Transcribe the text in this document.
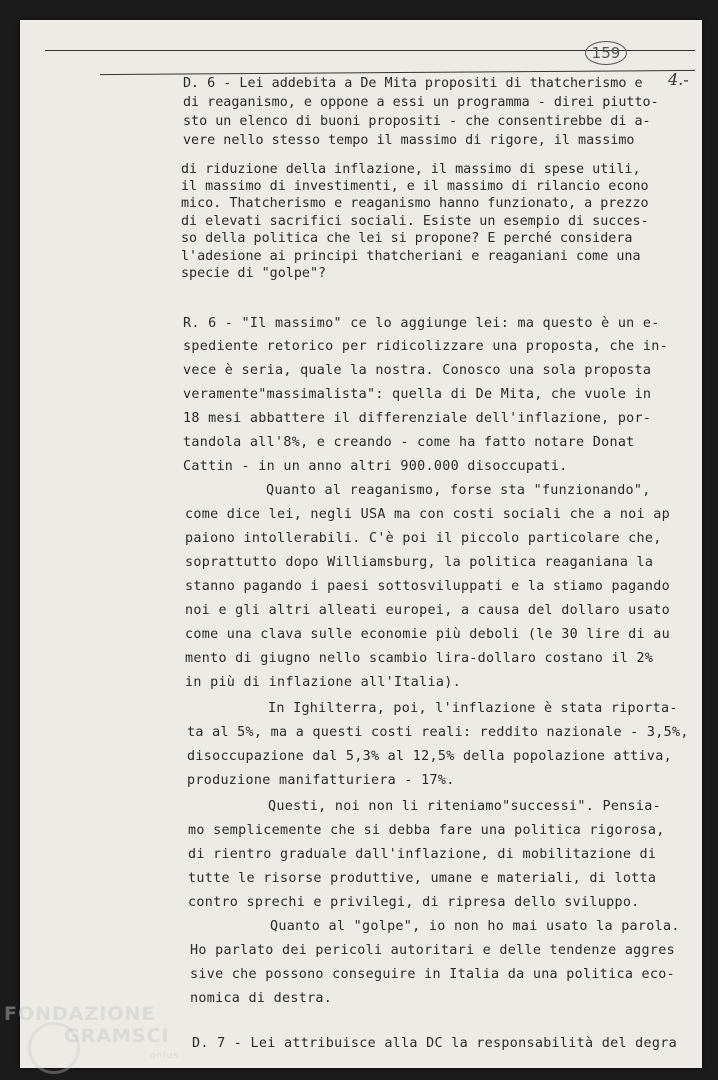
159
4.-
D. 6 - Lei addebita a De Mita propositi di thatcherismo e
di reaganismo, e oppone a essi un programma - direi piutto-
sto un elenco di buoni propositi - che consentirebbe di a-
vere nello stesso tempo il massimo di rigore, il massimo
di riduzione della inflazione, il massimo di spese utili,
il massimo di investimenti, e il massimo di rilancio econo
mico. Thatcherismo e reaganismo hanno funzionato, a prezzo
di elevati sacrifici sociali. Esiste un esempio di succes-
so della politica che lei si propone? E perché considera
l'adesione ai principi thatcheriani e reaganiani come una
specie di "golpe"?
R. 6 - "Il massimo" ce lo aggiunge lei: ma questo è un e-
spediente retorico per ridicolizzare una proposta, che in-
vece è seria, quale la nostra. Conosco una sola proposta
veramente"massimalista": quella di De Mita, che vuole in
18 mesi abbattere il differenziale dell'inflazione, por-
tandola all'8%, e creando - come ha fatto notare Donat
Cattin - in un anno altri 900.000 disoccupati.
Quanto al reaganismo, forse sta "funzionando",
come dice lei, negli USA ma con costi sociali che a noi ap
paiono intollerabili. C'è poi il piccolo particolare che,
soprattutto dopo Williamsburg, la politica reaganiana la
stanno pagando i paesi sottosviluppati e la stiamo pagando
noi e gli altri alleati europei, a causa del dollaro usato
come una clava sulle economie più deboli (le 30 lire di au
mento di giugno nello scambio lira-dollaro costano il 2%
in più di inflazione all'Italia).
In Ighilterra, poi, l'inflazione è stata riporta-
ta al 5%, ma a questi costi reali: reddito nazionale - 3,5%,
disoccupazione dal 5,3% al 12,5% della popolazione attiva,
produzione manifatturiera - 17%.
Questi, noi non li riteniamo"successi". Pensia-
mo semplicemente che si debba fare una politica rigorosa,
di rientro graduale dall'inflazione, di mobilitazione di
tutte le risorse produttive, umane e materiali, di lotta
contro sprechi e privilegi, di ripresa dello sviluppo.
Quanto al "golpe", io non ho mai usato la parola.
Ho parlato dei pericoli autoritari e delle tendenze aggres
sive che possono conseguire in Italia da una politica eco-
nomica di destra.
D. 7 - Lei attribuisce alla DC la responsabilità del degra
FONDAZIONE
GRAMSCI
onlus
